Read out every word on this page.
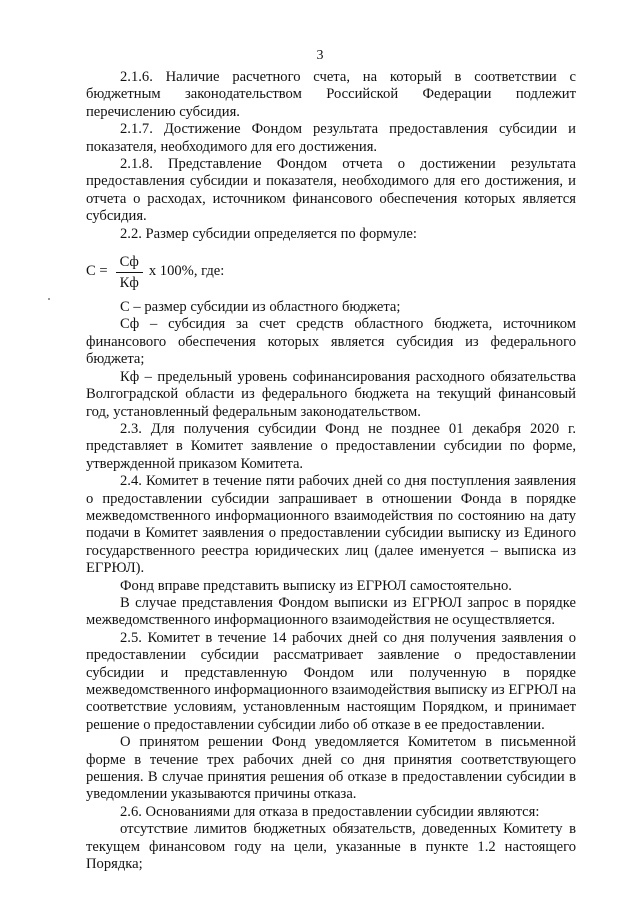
3

2.1.6. Наличие расчетного счета, на который в соответствии с бюджетным законодательством Российской Федерации подлежит перечислению субсидия.

2.1.7. Достижение Фондом результата предоставления субсидии и показателя, необходимого для его достижения.

2.1.8. Представление Фондом отчета о достижении результата предоставления субсидии и показателя, необходимого для его достижения, и отчета о расходах, источником финансового обеспечения которых является субсидия.

2.2. Размер субсидии определяется по формуле:

$C = \frac{Сф}{Кф}$ x 100%, где:

С – размер субсидии из областного бюджета;

Сф – субсидия за счет средств областного бюджета, источником финансового обеспечения которых является субсидия из федерального бюджета;

Кф – предельный уровень софинансирования расходного обязательства Волгоградской области из федерального бюджета на текущий финансовый год, установленный федеральным законодательством.

2.3. Для получения субсидии Фонд не позднее 01 декабря 2020 г. представляет в Комитет заявление о предоставлении субсидии по форме, утвержденной приказом Комитета.

2.4. Комитет в течение пяти рабочих дней со дня поступления заявления о предоставлении субсидии запрашивает в отношении Фонда в порядке межведомственного информационного взаимодействия по состоянию на дату подачи в Комитет заявления о предоставлении субсидии выписку из Единого государственного реестра юридических лиц (далее именуется – выписка из ЕГРЮЛ).

Фонд вправе представить выписку из ЕГРЮЛ самостоятельно.

В случае представления Фондом выписки из ЕГРЮЛ запрос в порядке межведомственного информационного взаимодействия не осуществляется.

2.5. Комитет в течение 14 рабочих дней со дня получения заявления о предоставлении субсидии рассматривает заявление о предоставлении субсидии и представленную Фондом или полученную в порядке межведомственного информационного взаимодействия выписку из ЕГРЮЛ на соответствие условиям, установленным настоящим Порядком, и принимает решение о предоставлении субсидии либо об отказе в ее предоставлении.

О принятом решении Фонд уведомляется Комитетом в письменной форме в течение трех рабочих дней со дня принятия соответствующего решения. В случае принятия решения об отказе в предоставлении субсидии в уведомлении указываются причины отказа.

2.6. Основаниями для отказа в предоставлении субсидии являются:

отсутствие лимитов бюджетных обязательств, доведенных Комитету в текущем финансовом году на цели, указанные в пункте 1.2 настоящего Порядка;
